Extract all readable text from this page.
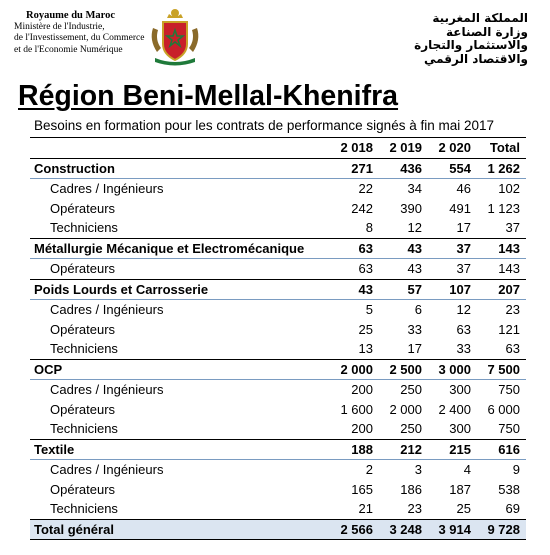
Royaume du Maroc
Ministère de l'Industrie,
de l'Investissement, du Commerce
et de l'Economie Numérique
المملكة المغربية
وزارة الصناعة
والاستثمار والتجارة
والاقتصاد الرقمي
Région Beni-Mellal-Khenifra
Besoins en formation pour les contrats de performance signés à fin mai 2017
	2 018	2 019	2 020	Total
Construction	271	436	554	1 262
Cadres / Ingénieurs	22	34	46	102
Opérateurs	242	390	491	1 123
Techniciens	8	12	17	37
Métallurgie Mécanique et Electromécanique	63	43	37	143
Opérateurs	63	43	37	143
Poids Lourds et Carrosserie	43	57	107	207
Cadres / Ingénieurs	5	6	12	23
Opérateurs	25	33	63	121
Techniciens	13	17	33	63
OCP	2 000	2 500	3 000	7 500
Cadres / Ingénieurs	200	250	300	750
Opérateurs	1 600	2 000	2 400	6 000
Techniciens	200	250	300	750
Textile	188	212	215	616
Cadres / Ingénieurs	2	3	4	9
Opérateurs	165	186	187	538
Techniciens	21	23	25	69
Total général	2 566	3 248	3 914	9 728
